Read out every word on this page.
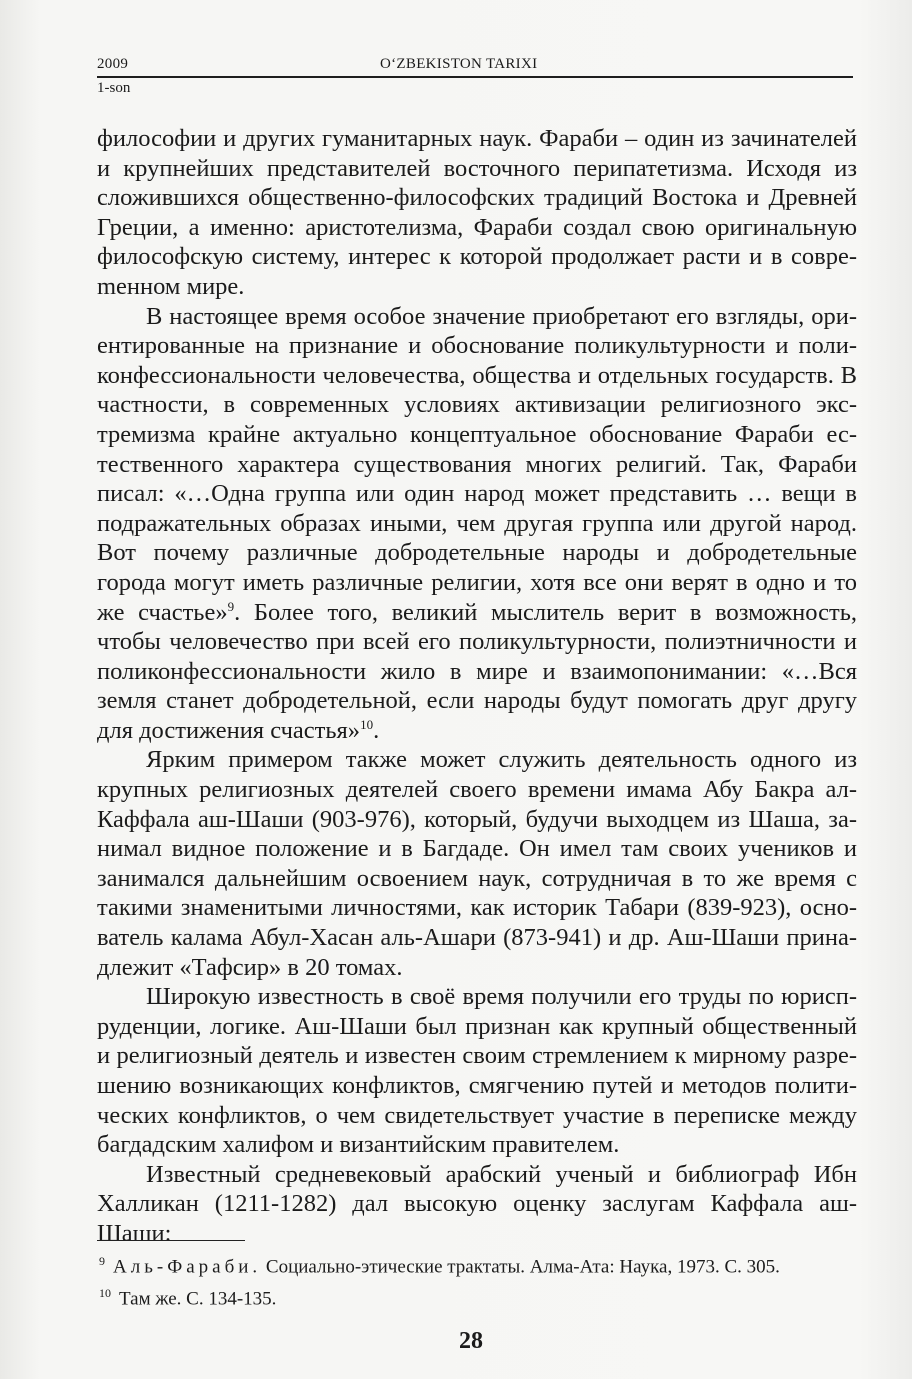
2009	O‘ZBEKISTON TARIXI
1-son

философии и других гуманитарных наук. Фараби – один из зачинателей и крупнейших представителей восточного перипатетизма. Исходя из сложившихся общественно-философских традиций Востока и Древней Греции, а именно: аристотелизма, Фараби создал свою оригинальную философскую систему, интерес к которой продолжает расти и в совреmенном мире.

В настоящее время особое значение приобретают его взгляды, ориентированные на признание и обоснование поликультурности и поликонфессиональности человечества, общества и отдельных государств. В частности, в современных условиях активизации религиозного экстремизма крайне актуально концептуальное обоснование Фараби естественного характера существования многих религий. Так, Фараби писал: «…Одна группа или один народ может представить … вещи в подражательных образах иными, чем другая группа или другой народ. Вот почему различные добродетельные народы и добродетельные города могут иметь различные религии, хотя все они верят в одно и то же счастье»$^9$. Более того, великий мыслитель верит в возможность, чтобы человечество при всей его поликультурности, полиэтничности и поликонфессиональности жило в мире и взаимопонимании: «…Вся земля станет добродетельной, если народы будут помогать друг другу для достижения счастья»$^{10}$.

Ярким примером также может служить деятельность одного из крупных религиозных деятелей своего времени имама Абу Бакра ал-Каффала аш-Шаши (903-976), который, будучи выходцем из Шаша, занимал видное положение и в Багдаде. Он имел там своих учеников и занимался дальнейшим освоением наук, сотрудничая в то же время с такими знаменитыми личностями, как историк Табари (839-923), основатель калама Абул-Хасан аль-Ашари (873-941) и др. Аш-Шаши принадлежит «Тафсир» в 20 томах.

Широкую известность в своё время получили его труды по юриспруденции, логике. Аш-Шаши был признан как крупный общественный и религиозный деятель и известен своим стремлением к мирному разрешению возникающих конфликтов, смягчению путей и методов политических конфликтов, о чем свидетельствует участие в переписке между багдадским халифом и византийским правителем.

Известный средневековый арабский ученый и библиограф Ибн Халликан (1211-1282) дал высокую оценку заслугам Каффала аш-Шаши:

$^9$ Аль-Фараби. Социально-этические трактаты. Алма-Ата: Наука, 1973. С. 305.

$^{10}$ Там же. С. 134-135.

28
